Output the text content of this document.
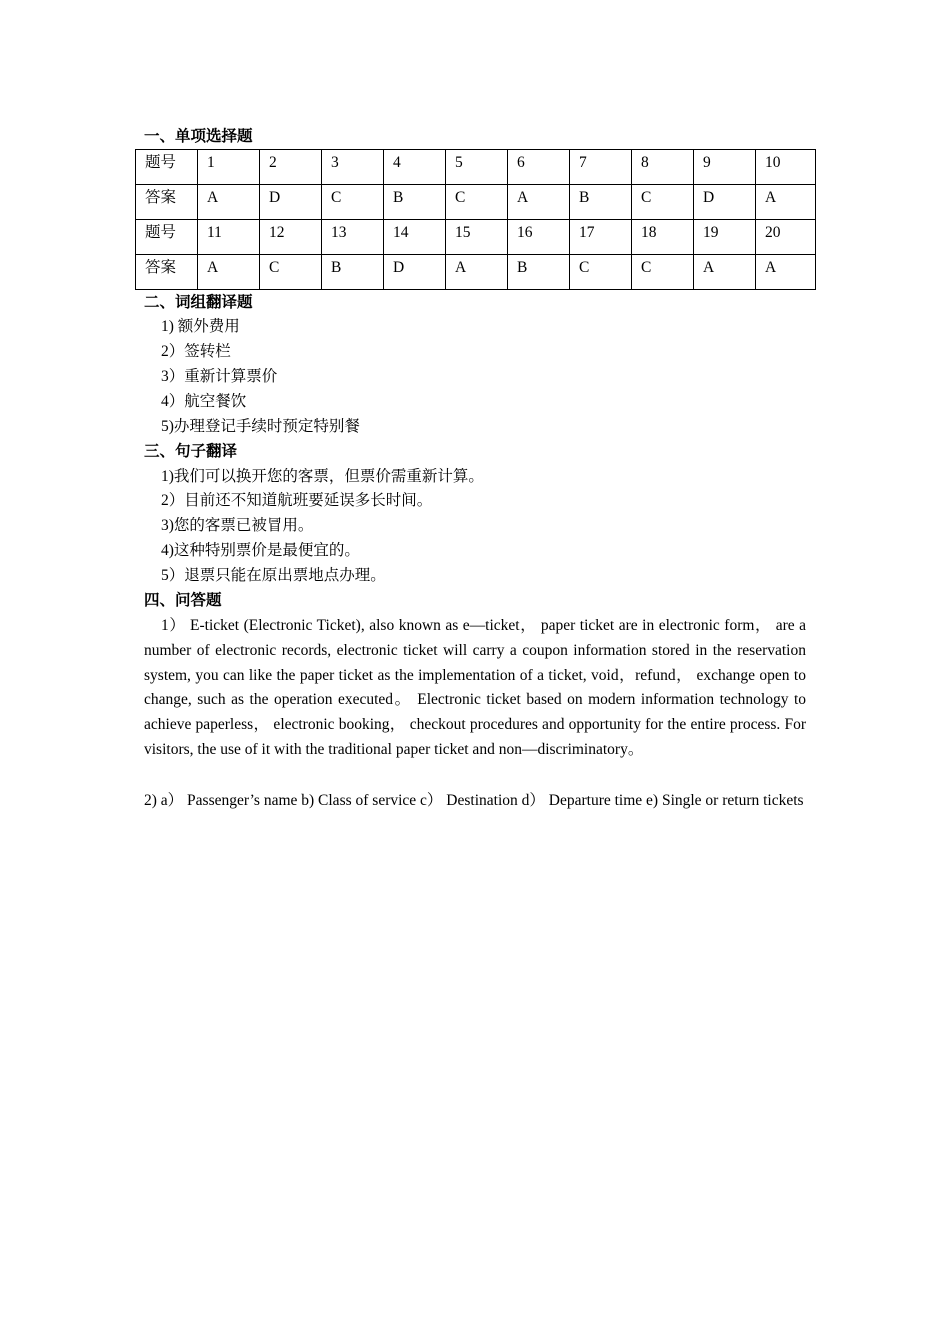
一、单项选择题
题号	1	2	3	4	5	6	7	8	9	10
答案	A	D	C	B	C	A	B	C	D	A
题号	11	12	13	14	15	16	17	18	19	20
答案	A	C	B	D	A	B	C	C	A	A
二、词组翻译题
1) 额外费用
2）签转栏
3）重新计算票价
4）航空餐饮
5)办理登记手续时预定特别餐
三、句子翻译
1)我们可以换开您的客票，但票价需重新计算。
2）目前还不知道航班要延误多长时间。
3)您的客票已被冒用。
4)这种特别票价是最便宜的。
5）退票只能在原出票地点办理。
四、问答题
1） E-ticket (Electronic Ticket), also known as e—ticket， paper ticket are in electronic form， are a number of electronic records, electronic ticket will carry a coupon information stored in the reservation system, you can like the paper ticket as the implementation of a ticket, void，refund， exchange open to change, such as the operation executed。 Electronic ticket based on modern information technology to achieve paperless， electronic booking， checkout procedures and opportunity for the entire process. For visitors, the use of it with the traditional paper ticket and non—discriminatory。
2) a） Passenger’s name b) Class of service c） Destination d） Departure time e) Single or return tickets
